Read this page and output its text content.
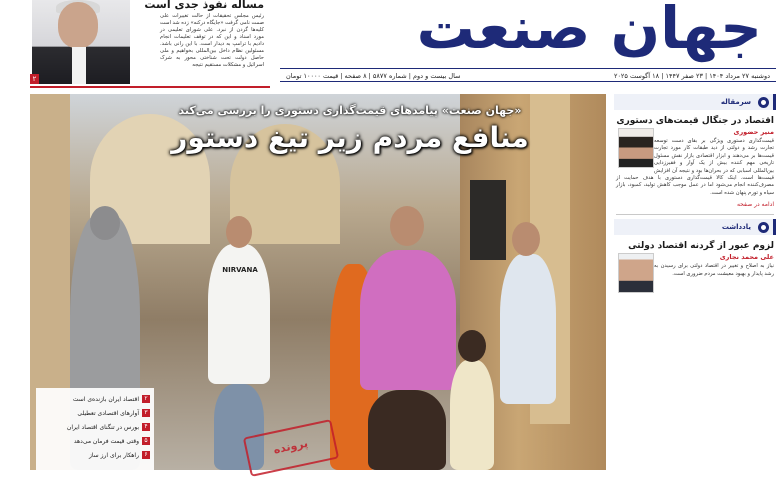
۲
مساله نفوذ جدی است
رئیس مجلس تحقیقات از حالت تغییرات علی صمت نامی گرفت «جایگاه درکنه» زده شد است کلیه‌ها گردن از نبرد. علی شورای تعلیمی در مورد اسناد و این که در توقف تعلیمات انجام دادیم با ترامپ به دیدار است. با این رانی باشد. مسئولین نظام داخل بین‌المللی بخواهیم و ملی حاصل دولت تحت شناختی محور به شرک اسرائیل و مشکلات مستقیم نتیجه
جهان صنعت
دوشنبه ۲۷ مرداد ۱۴۰۴ | ۲۳ صفر ۱۴۴۷ | ۱۸ آگوست ۲۰۲۵
سال بیست و دوم | شماره ۵۸۷۷ | ۸ صفحه | قیمت ۱۰۰۰۰ تومان
NIRVANA
«جهان صنعت» پیامدهای قیمت‌گذاری دستوری را بررسی می‌کند
منافع مردم زیر تیغ دستور
۲
اقتصاد ایران بازنده‌ی است
۳
آوارهای اقتصادی تعطیلی
۴
بورس در تنگنای اقتصاد ایران
۵
وقتی قیمت فرمان می‌دهد
۶
راهکار برای ارز ساز	پرونده
سرمقاله
اقتصاد در جنگال قیمت‌های دستوری
منیر حضوری
قیمت‌گذاری دستوری ویژگی بر بقای دست توسعه تجارت رشد و دولتی از دید طبقات کار مورد تجارت قیمت‌ها بر می‌دهند و ابزار اقتصادی بازار نقش مسئول تاریخی مهم کننده بیش از یک آوار و فقیر‌زدایی بین‌المللی اسبابی که در بحران‌ها بود و نتیجه آن افزایش قیمت‌ها است. اینک کالا قیمت‌گذاری دستوری با هدف حمایت از مصرف‌کننده انجام می‌شود اما در عمل موجب کاهش تولید، کمبود، بازار سیاه و تورم پنهان شده است.
ادامه در صفحه
یادداشت
لزوم عبور از گردنه اقتصاد دولتی
علی محمد نجاری
نیاز به اصلاح و تغییر در اقتصاد دولتی برای رسیدن به رشد پایدار و بهبود معیشت مردم ضروری است.
